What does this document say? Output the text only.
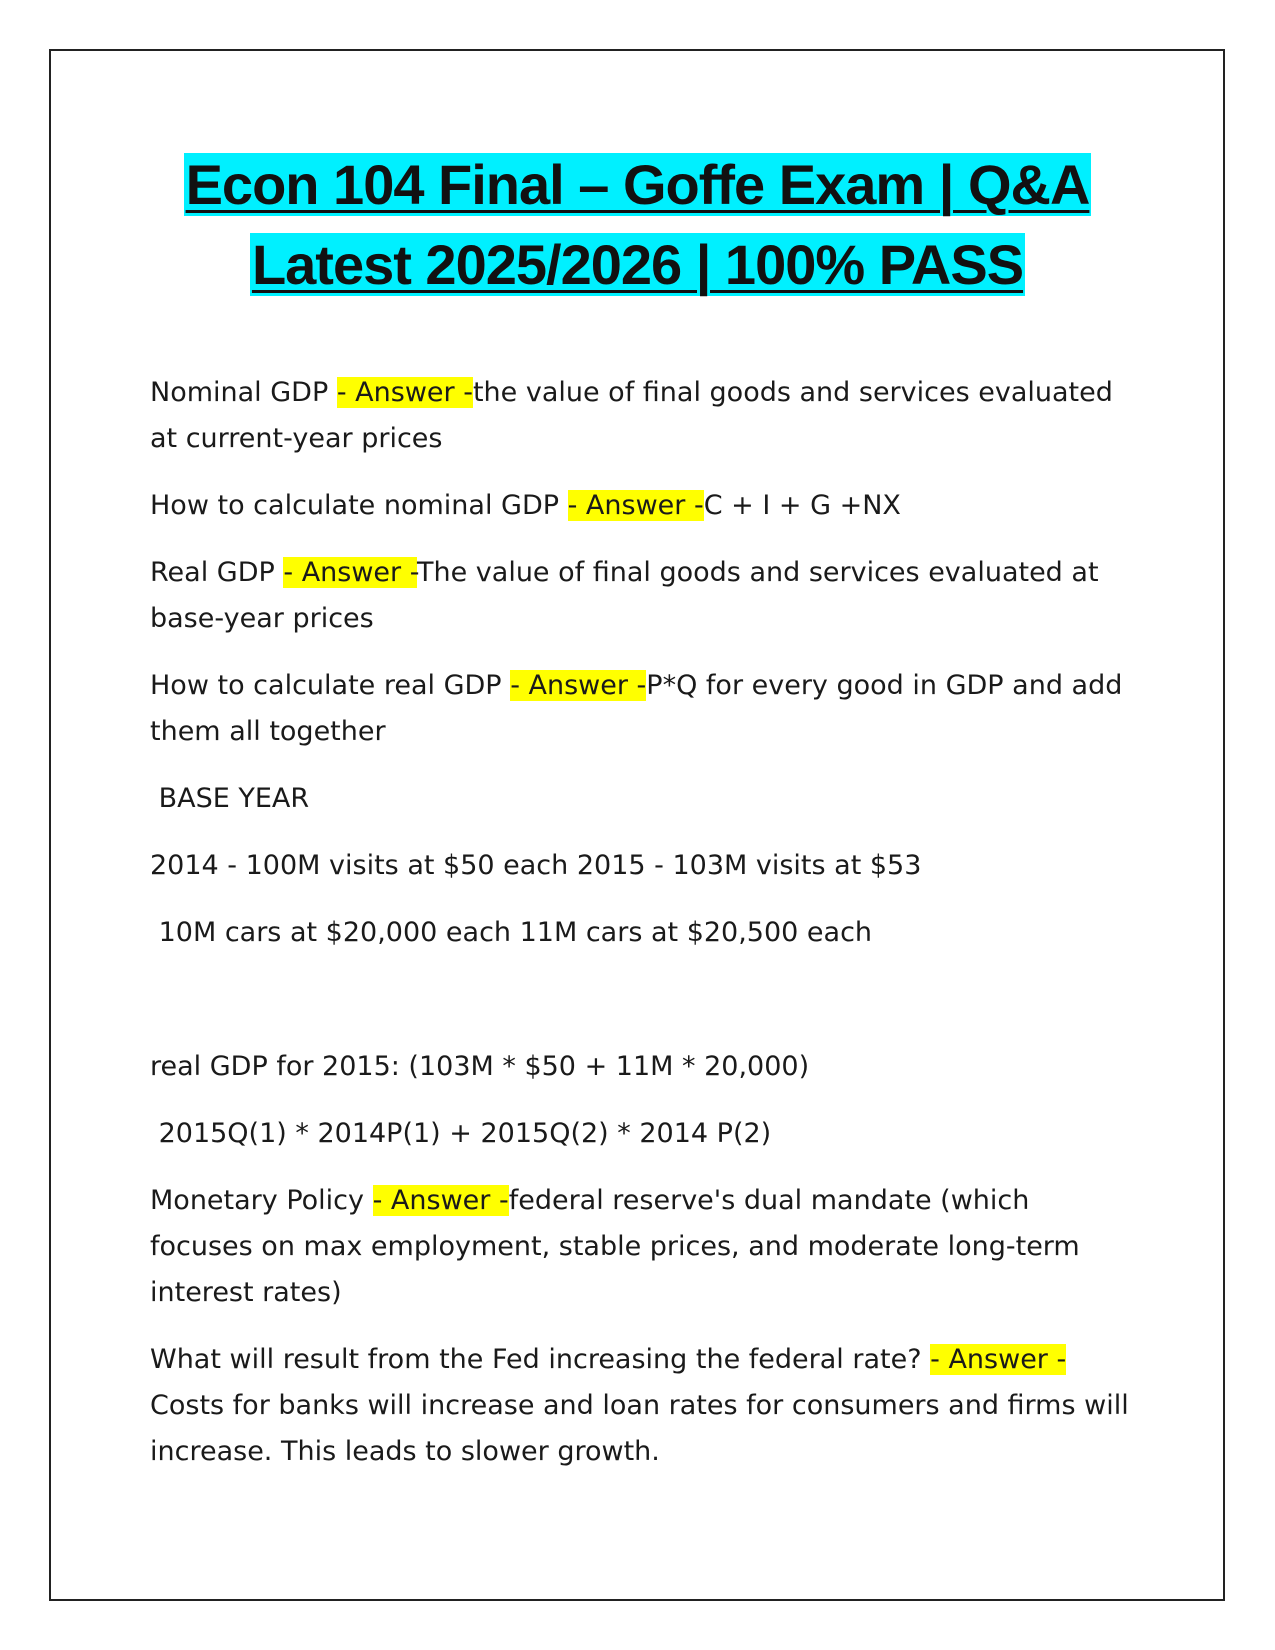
Econ 104 Final – Goffe Exam | Q&A
Latest 2025/2026 | 100% PASS

Nominal GDP - Answer -the value of final goods and services evaluated at current-year prices

How to calculate nominal GDP - Answer -C + I + G +NX

Real GDP - Answer -The value of final goods and services evaluated at base-year prices

How to calculate real GDP - Answer -P*Q for every good in GDP and add them all together

BASE YEAR

2014 - 100M visits at $50 each 2015 - 103M visits at $53

10M cars at $20,000 each 11M cars at $20,500 each

real GDP for 2015: (103M * $50 + 11M * 20,000)

2015Q(1) * 2014P(1) + 2015Q(2) * 2014 P(2)

Monetary Policy - Answer -federal reserve's dual mandate (which focuses on max employment, stable prices, and moderate long-term interest rates)

What will result from the Fed increasing the federal rate? - Answer -Costs for banks will increase and loan rates for consumers and firms will increase. This leads to slower growth.
